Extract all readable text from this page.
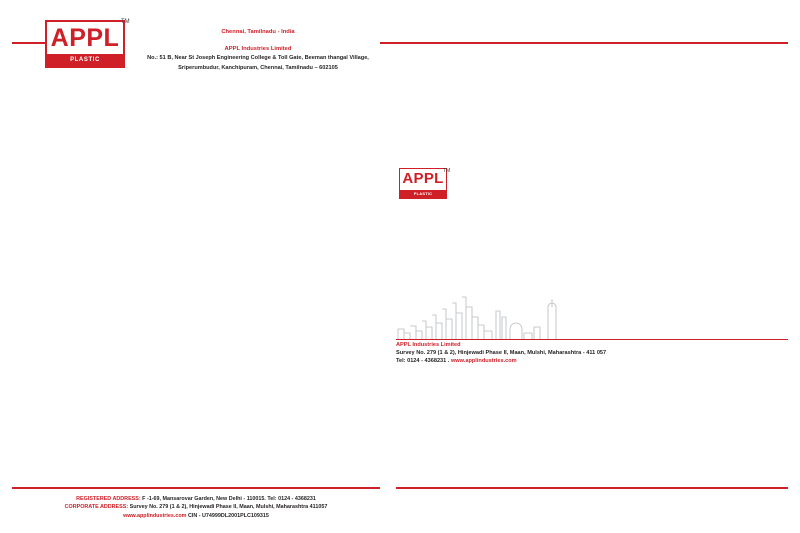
APPL
PLASTIC ENGINEERING
TM
Chennai, Tamilnadu - India
APPL Industries Limited
No.: 51 B, Near St Joseph Engineering College & Toll Gate, Beeman thangal Village,
Sriperumbudur, Kanchipuram, Chennai, Tamilnadu – 602105
APPL
PLASTIC ENGINEERING
TM
APPL Industries Limited
Survey No. 279 (1 & 2), Hinjewadi Phase II, Maan, Mulshi, Maharashtra - 411 057
Tel: 0124 - 4368231 . www.applindustries.com
REGISTERED ADDRESS: F -1-69, Mansarovar Garden, New Delhi - 110015. Tel: 0124 - 4368231
CORPORATE ADDRESS: Survey No. 279 (1 & 2), Hinjewadi Phase II, Maan, Mulshi, Maharashtra 411057
www.applindustries.com CIN - U74999DL2001PLC109315
